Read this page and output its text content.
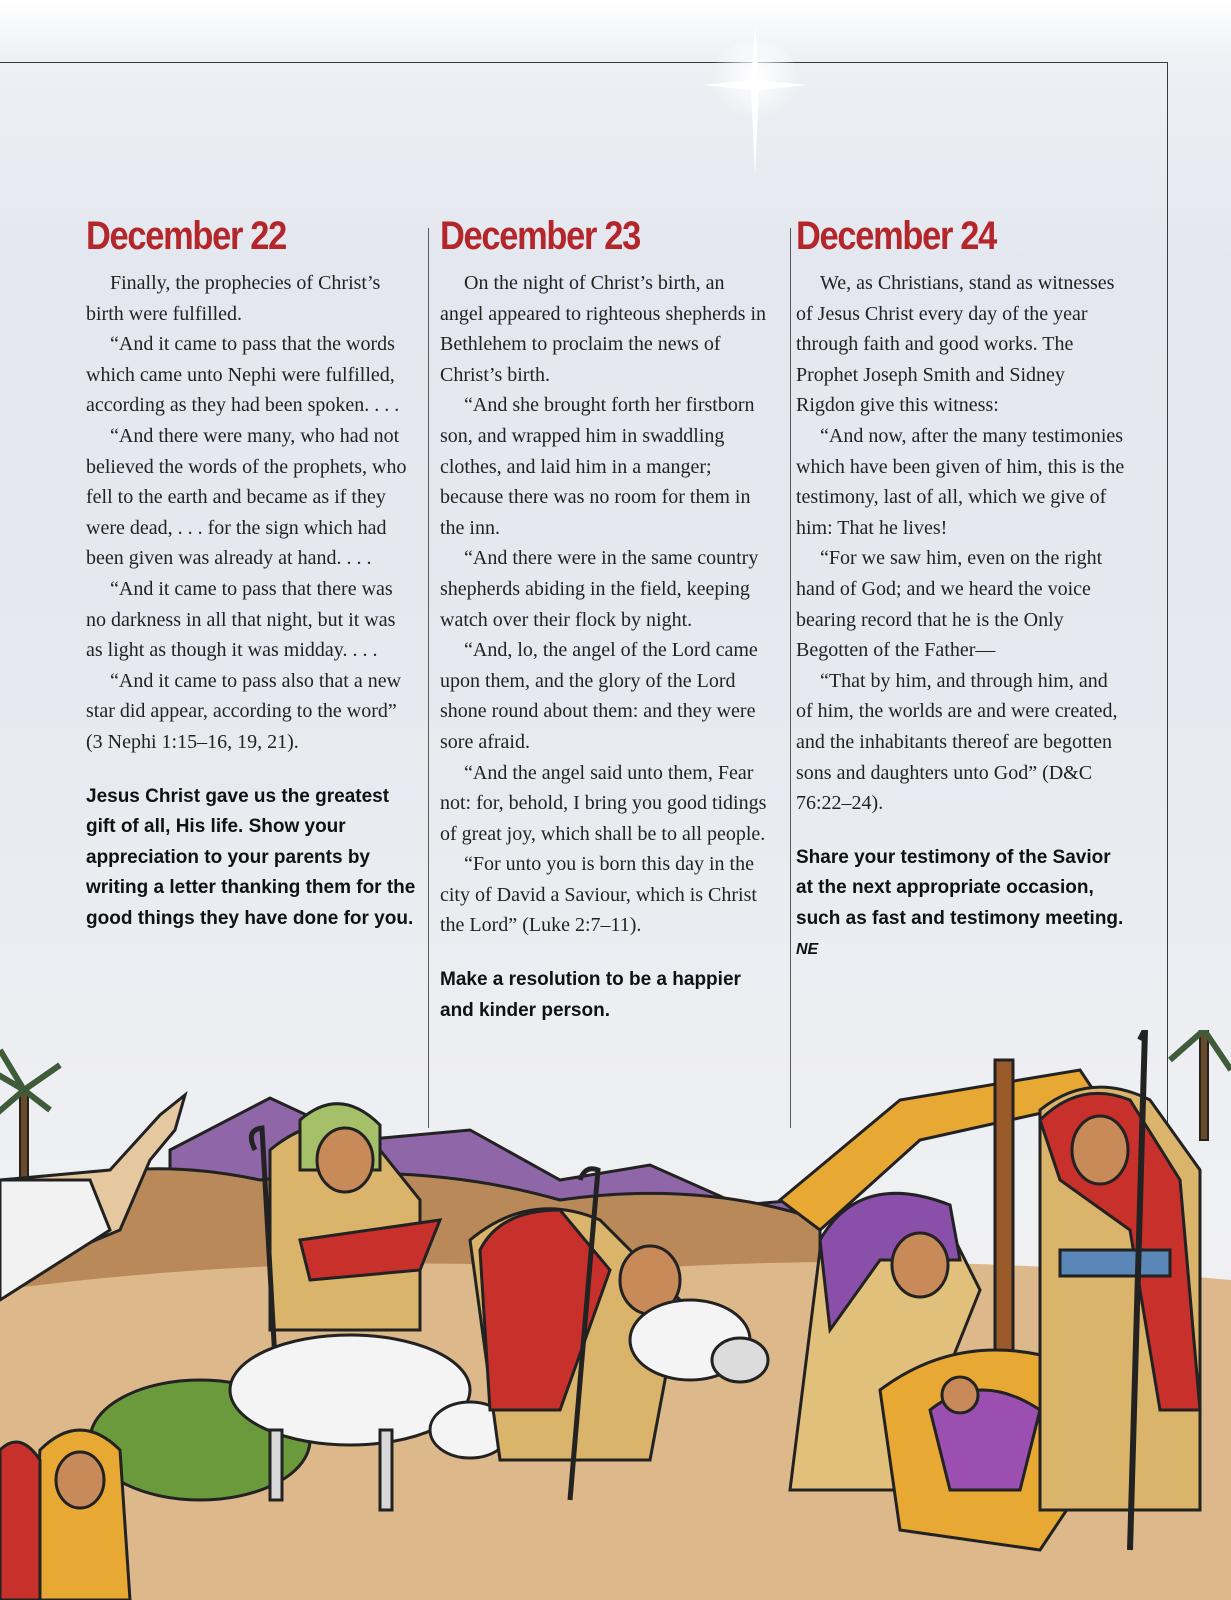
December 22

Finally, the prophecies of Christ’s birth were fulfilled.

“And it came to pass that the words which came unto Nephi were fulfilled, according as they had been spoken. . . .

“And there were many, who had not believed the words of the prophets, who fell to the earth and became as if they were dead, . . . for the sign which had been given was already at hand. . . .

“And it came to pass that there was no darkness in all that night, but it was as light as though it was midday. . . .

“And it came to pass also that a new star did appear, according to the word” (3 Nephi 1:15–16, 19, 21).

Jesus Christ gave us the greatest gift of all, His life. Show your appreciation to your parents by writing a letter thanking them for the good things they have done for you.

December 23

On the night of Christ’s birth, an angel appeared to righteous shepherds in Bethlehem to proclaim the news of Christ’s birth.

“And she brought forth her firstborn son, and wrapped him in swaddling clothes, and laid him in a manger; because there was no room for them in the inn.

“And there were in the same country shepherds abiding in the field, keeping watch over their flock by night.

“And, lo, the angel of the Lord came upon them, and the glory of the Lord shone round about them: and they were sore afraid.

“And the angel said unto them, Fear not: for, behold, I bring you good tidings of great joy, which shall be to all people.

“For unto you is born this day in the city of David a Saviour, which is Christ the Lord” (Luke 2:7–11).

Make a resolution to be a happier and kinder person.

December 24

We, as Christians, stand as witnesses of Jesus Christ every day of the year through faith and good works. The Prophet Joseph Smith and Sidney Rigdon give this witness:

“And now, after the many testimonies which have been given of him, this is the testimony, last of all, which we give of him: That he lives!

“For we saw him, even on the right hand of God; and we heard the voice bearing record that he is the Only Begotten of the Father—

“That by him, and through him, and of him, the worlds are and were created, and the inhabitants thereof are begotten sons and daughters unto God” (D&C 76:22–24).

Share your testimony of the Savior at the next appropriate occasion, such as fast and testimony meeting. NE
